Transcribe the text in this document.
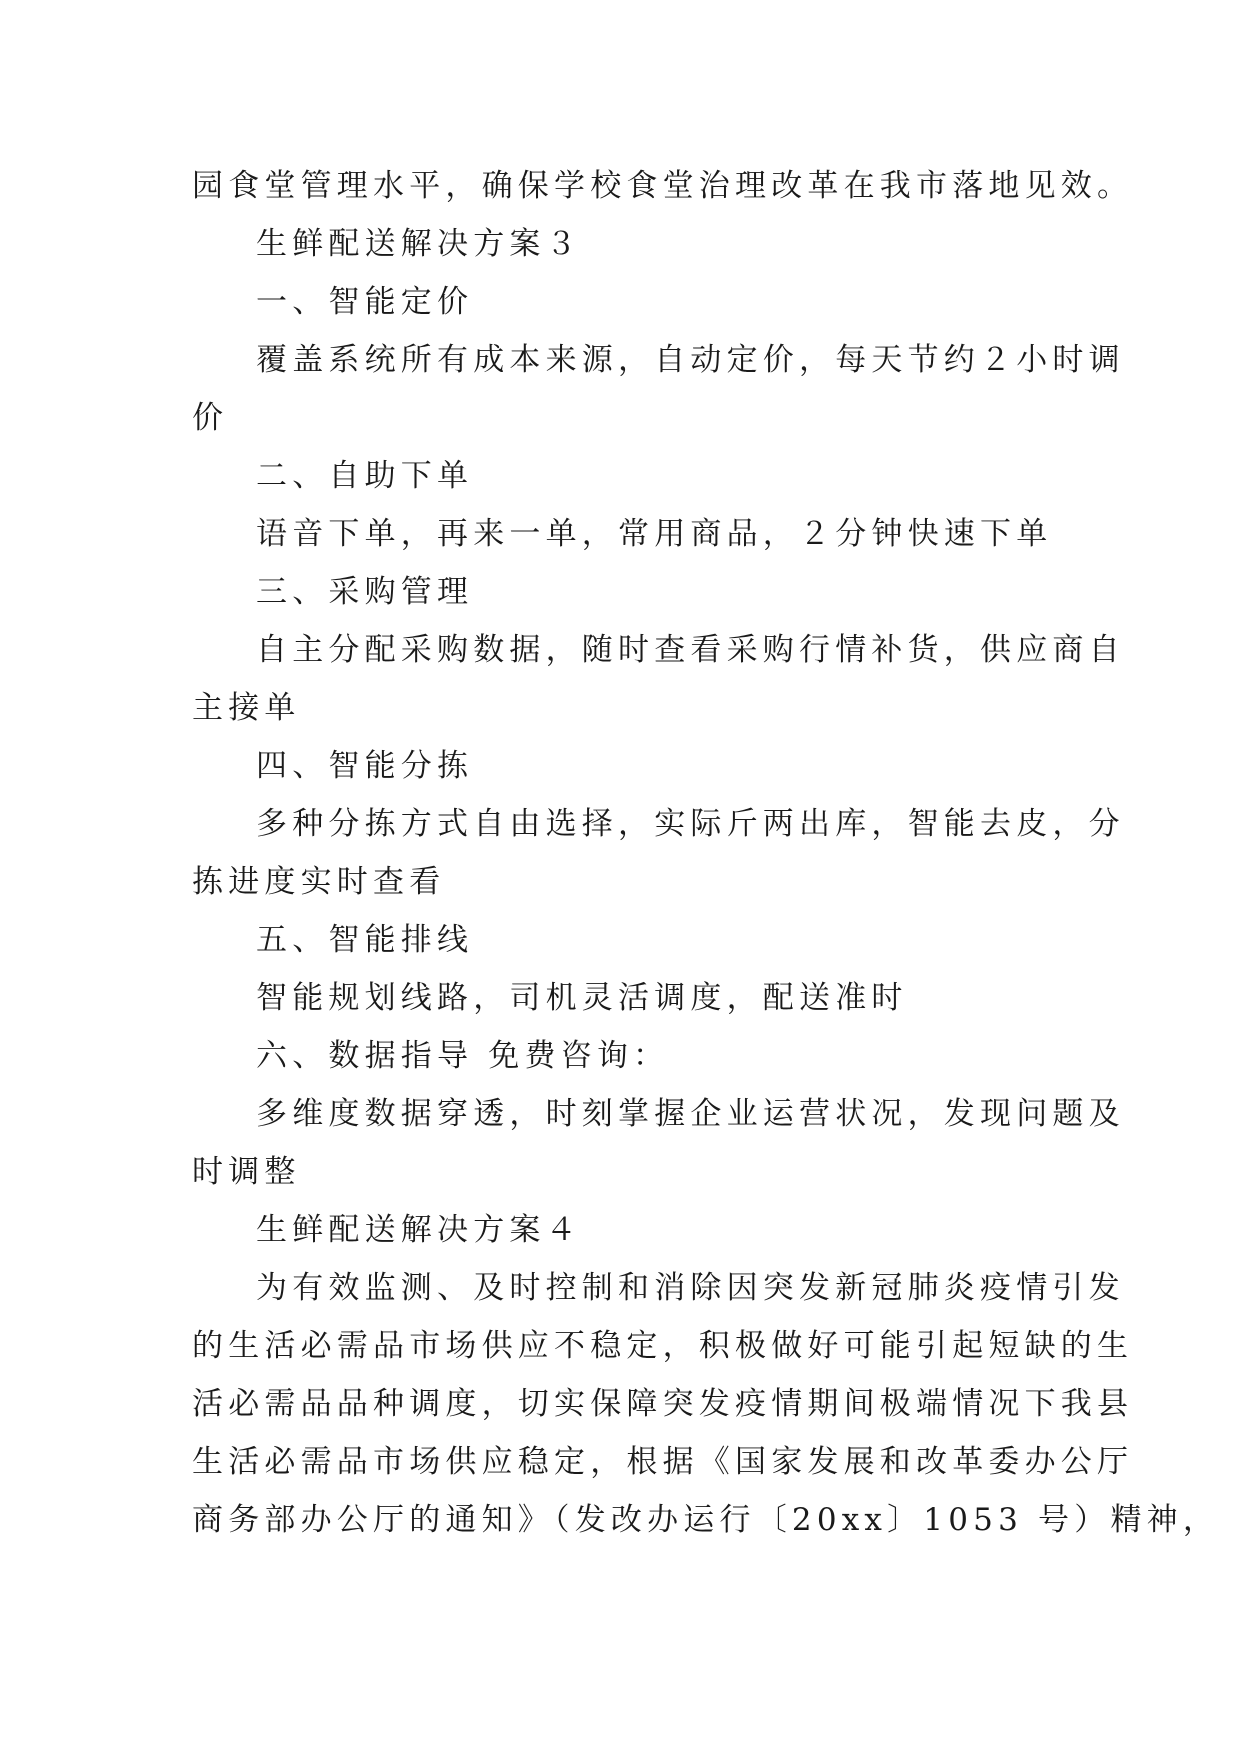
园食堂管理水平，确保学校食堂治理改革在我市落地见效。
生鲜配送解决方案３
一、智能定价
覆盖系统所有成本来源，自动定价，每天节约２小时调
价
二、自助下单
语音下单，再来一单，常用商品，２分钟快速下单
三、采购管理
自主分配采购数据，随时查看采购行情补货，供应商自
主接单
四、智能分拣
多种分拣方式自由选择，实际斤两出库，智能去皮，分
拣进度实时查看
五、智能排线
智能规划线路，司机灵活调度，配送准时
六、数据指导 免费咨询：
多维度数据穿透，时刻掌握企业运营状况，发现问题及
时调整
生鲜配送解决方案４
为有效监测、及时控制和消除因突发新冠肺炎疫情引发
的生活必需品市场供应不稳定，积极做好可能引起短缺的生
活必需品品种调度，切实保障突发疫情期间极端情况下我县
生活必需品市场供应稳定，根据《国家发展和改革委办公厅
商务部办公厅的通知》（发改办运行〔20xx〕1053 号）精神，
